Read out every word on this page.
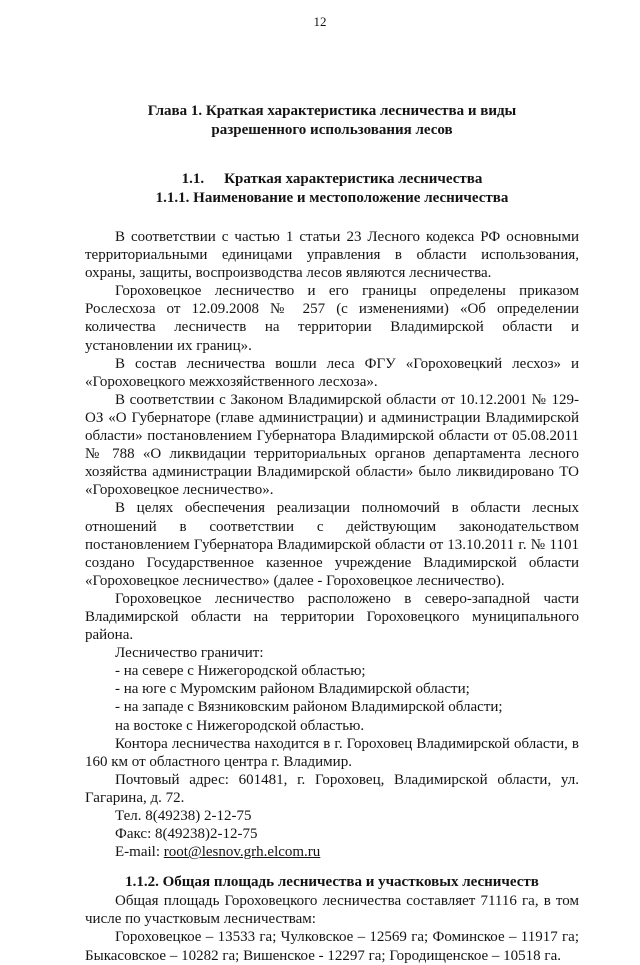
12
Глава 1. Краткая характеристика лесничества и виды
разрешенного использования лесов
1.1. Краткая характеристика лесничества
1.1.1. Наименование и местоположение лесничества

В соответствии с частью 1 статьи 23 Лесного кодекса РФ основными территориальными единицами управления в области использования, охраны, защиты, воспроизводства лесов являются лесничества.

Гороховецкое лесничество и его границы определены приказом Рослесхоза от 12.09.2008 № 257 (с изменениями) «Об определении количества лесничеств на территории Владимирской области и установлении их границ».

В состав лесничества вошли леса ФГУ «Гороховецкий лесхоз» и «Гороховецкого межхозяйственного лесхоза».

В соответствии с Законом Владимирской области от 10.12.2001 № 129-ОЗ «О Губернаторе (главе администрации) и администрации Владимирской области» постановлением Губернатора Владимирской области от 05.08.2011 № 788 «О ликвидации территориальных органов департамента лесного хозяйства администрации Владимирской области» было ликвидировано ТО «Гороховецкое лесничество».

В целях обеспечения реализации полномочий в области лесных отношений в соответствии с действующим законодательством постановлением Губернатора Владимирской области от 13.10.2011 г. № 1101 создано Государственное казенное учреждение Владимирской области «Гороховецкое лесничество» (далее - Гороховецкое лесничество).

Гороховецкое лесничество расположено в северо-западной части Владимирской области на территории Гороховецкого муниципального района.

Лесничество граничит:

- на севере с Нижегородской областью;

- на юге с Муромским районом Владимирской области;

- на западе с Вязниковским районом Владимирской области;

на востоке с Нижегородской областью.

Контора лесничества находится в г. Гороховец Владимирской области, в 160 км от областного центра г. Владимир.

Почтовый адрес: 601481, г. Гороховец, Владимирской области, ул. Гагарина, д. 72.

Тел. 8(49238) 2-12-75

Факс: 8(49238)2-12-75

E-mail: root@lesnov.grh.elcom.ru

1.1.2. Общая площадь лесничества и участковых лесничеств

Общая площадь Гороховецкого лесничества составляет 71116 га, в том числе по участковым лесничествам:

Гороховецкое – 13533 га; Чулковское – 12569 га; Фоминское – 11917 га; Быкасовское – 10282 га; Вишенское - 12297 га; Городищенское – 10518 га.
